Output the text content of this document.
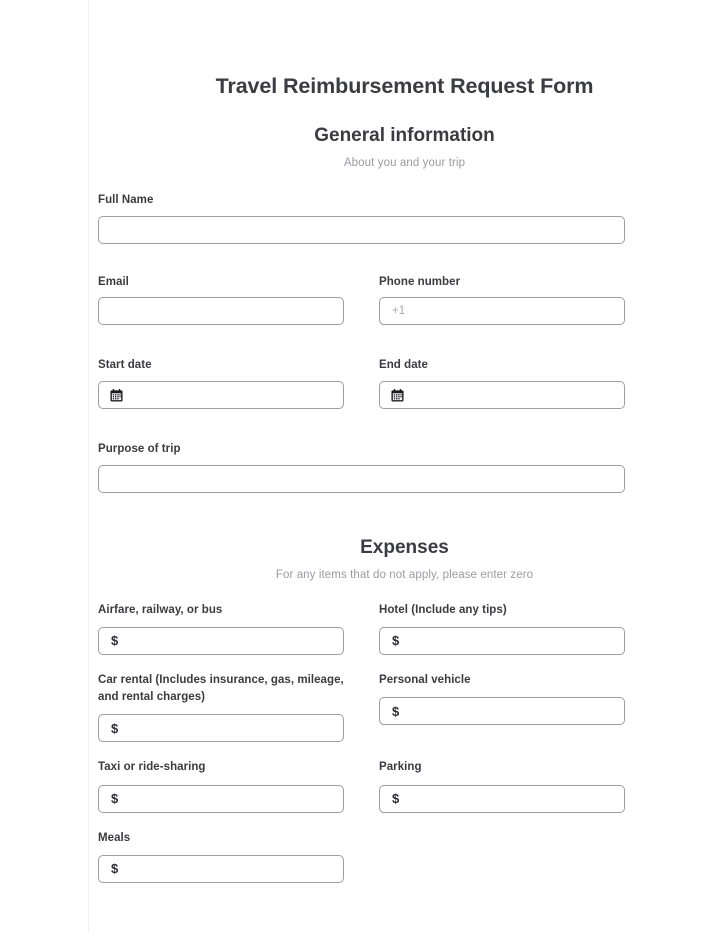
Travel Reimbursement Request Form
General information

About you and your trip

Full Name
Email	Phone number
+1
Start date	End date
Purpose of trip
Expenses

For any items that do not apply, please enter zero

Airfare, railway, or bus
$
Hotel (Include any tips)
$
Car rental (Includes insurance, gas, mileage, and rental charges)
$
Personal vehicle
$
Taxi or ride-sharing
$
Parking
$
Meals
$
